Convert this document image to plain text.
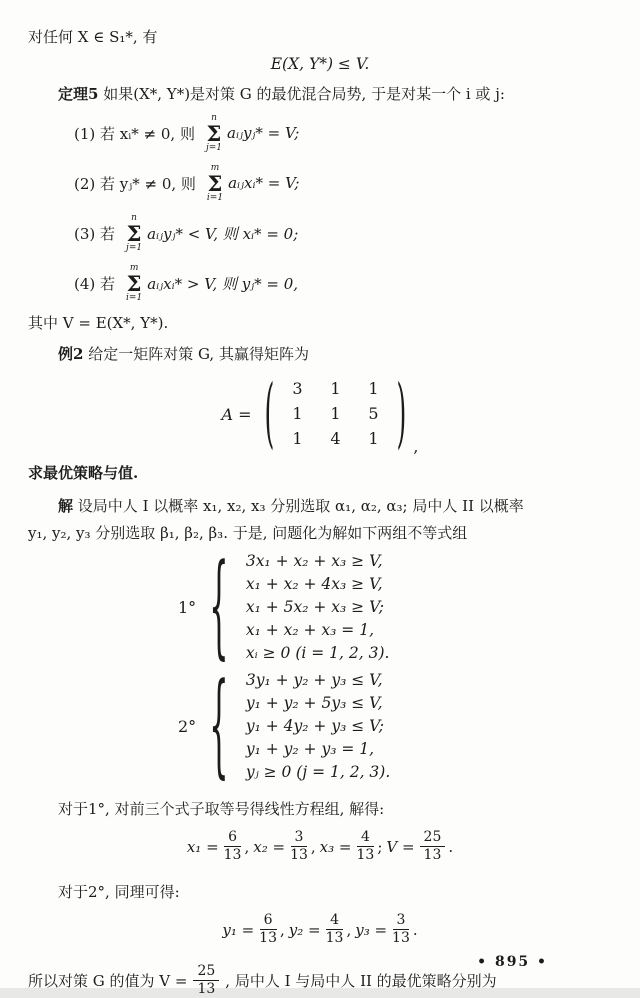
对任何 X ∈ S₁*, 有
E(X, Y*) ≤ V.
定理5 如果(X*, Y*)是对策 G 的最优混合局势, 于是对某一个 i 或 j:
(1) 若 xᵢ* ≠ 0, 则
n
Σ
j=1
aᵢⱼyⱼ* = V;
(2) 若 yⱼ* ≠ 0, 则
m
Σ
i=1
aᵢⱼxᵢ* = V;
(3) 若
n
Σ
j=1
aᵢⱼyⱼ* < V, 则 xᵢ* = 0;
(4) 若
m
Σ
i=1
aᵢⱼxᵢ* > V, 则 yⱼ* = 0,
其中 V = E(X*, Y*).
例2 给定一矩阵对策 G, 其赢得矩阵为
A = (	3	1	1
1	1	5
1	4	1 ) ,
求最优策略与值.
解 设局中人 I 以概率 x₁, x₂, x₃ 分别选取 α₁, α₂, α₃; 局中人 II 以概率
y₁, y₂, y₃ 分别选取 β₁, β₂, β₃. 于是, 问题化为解如下两组不等式组
1° { 3x₁ + x₂ + x₃ ≥ V,
x₁ + x₂ + 4x₃ ≥ V,
x₁ + 5x₂ + x₃ ≥ V;
x₁ + x₂ + x₃ = 1,
xᵢ ≥ 0 (i = 1, 2, 3).
2° { 3y₁ + y₂ + y₃ ≤ V,
y₁ + y₂ + 5y₃ ≤ V,
y₁ + 4y₂ + y₃ ≤ V;
y₁ + y₂ + y₃ = 1,
yⱼ ≥ 0 (j = 1, 2, 3).
对于1°, 对前三个式子取等号得线性方程组, 解得:
$x_1 = \frac{6}{13}$ , $x_2 = \frac{3}{13}$ , $x_3 = \frac{4}{13}$ ; $V = \frac{25}{13}$ .
对于2°, 同理可得:
$y_1 = \frac{6}{13}$ , $y_2 = \frac{4}{13}$ , $y_3 = \frac{3}{13}$ .
所以对策 G 的值为 $V = \frac{25}{13}$ , 局中人 I 与局中人 II 的最优策略分别为
• 895 •
